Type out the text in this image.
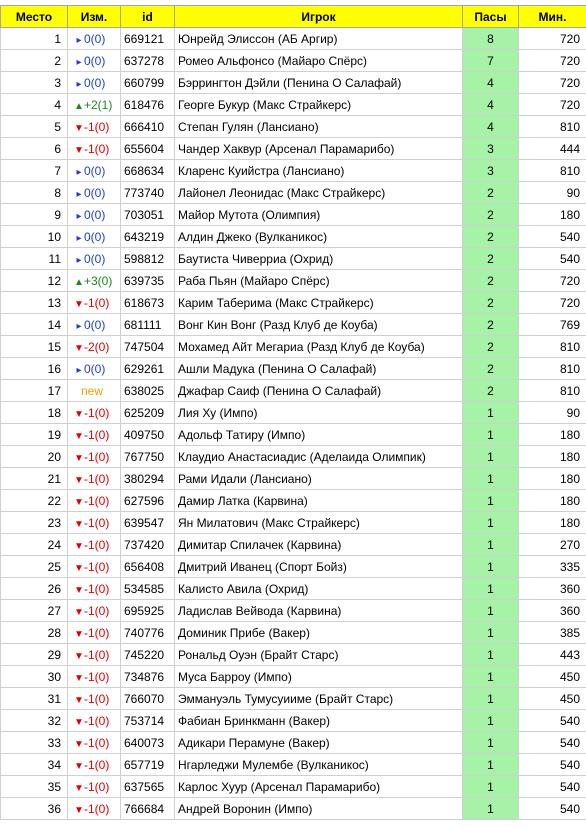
Место	Изм.	id	Игрок	Пасы	Мин.
1	▸ 0(0)	669121	Юнрейд Элиссон (АБ Аргир)	8	720
2	▸ 0(0)	637278	Ромео Альфонсо (Майаро Спёрс)	7	720
3	▸ 0(0)	660799	Бэррингтон Дэйли (Пенина О Салафай)	4	720
4	▲+2(1)	618476	Георге Букур (Макс Страйкерс)	4	720
5	▼-1(0)	666410	Степан Гулян (Лансиано)	4	810
6	▼-1(0)	655604	Чандер Хаквур (Арсенал Парамарибо)	3	444
7	▸ 0(0)	668634	Кларенс Куийстра (Лансиано)	3	810
8	▸ 0(0)	773740	Лайонел Леонидас (Макс Страйкерс)	2	90
9	▸ 0(0)	703051	Майор Мутота (Олимпия)	2	180
10	▸ 0(0)	643219	Алдин Джеко (Вулканикос)	2	540
11	▸ 0(0)	598812	Баутиста Чиверриа (Охрид)	2	540
12	▲+3(0)	639735	Раба Пьян (Майаро Спёрс)	2	720
13	▼-1(0)	618673	Карим Таберима (Макс Страйкерс)	2	720
14	▸ 0(0)	681111	Вонг Кин Вонг (Разд Клуб де Коуба)	2	769
15	▼-2(0)	747504	Мохамед Айт Мегариа (Разд Клуб де Коуба)	2	810
16	▸ 0(0)	629261	Ашли Мадука (Пенина О Салафай)	2	810
17	new	638025	Джафар Саиф (Пенина О Салафай)	2	810
18	▼-1(0)	625209	Лия Ху (Импо)	1	90
19	▼-1(0)	409750	Адольф Татиру (Импо)	1	180
20	▼-1(0)	767750	Клаудио Анастасиадис (Аделаида Олимпик)	1	180
21	▼-1(0)	380294	Рами Идали (Лансиано)	1	180
22	▼-1(0)	627596	Дамир Латка (Карвина)	1	180
23	▼-1(0)	639547	Ян Милатович (Макс Страйкерс)	1	180
24	▼-1(0)	737420	Димитар Спилачек (Карвина)	1	270
25	▼-1(0)	656408	Дмитрий Иванец (Спорт Бойз)	1	335
26	▼-1(0)	534585	Калисто Авила (Охрид)	1	360
27	▼-1(0)	695925	Ладислав Вейвода (Карвина)	1	360
28	▼-1(0)	740776	Доминик Прибе (Вакер)	1	385
29	▼-1(0)	745220	Рональд Оуэн (Брайт Старс)	1	443
30	▼-1(0)	734876	Муса Барроу (Импо)	1	450
31	▼-1(0)	766070	Эммануэль Тумусуииме (Брайт Старс)	1	450
32	▼-1(0)	753714	Фабиан Бринкманн (Вакер)	1	540
33	▼-1(0)	640073	Адикари Перамуне (Вакер)	1	540
34	▼-1(0)	657719	Нгарледжи Мулембе (Вулканикос)	1	540
35	▼-1(0)	637565	Карлос Хуур (Арсенал Парамарибо)	1	540
36	▼-1(0)	766684	Андрей Воронин (Импо)	1	540
